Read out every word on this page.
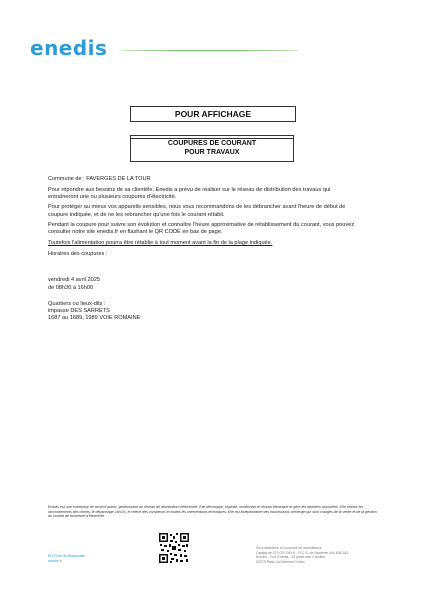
enedis
POUR AFFICHAGE
COUPURES DE COURANT
POUR TRAVAUX

Commune de : FAVERGES DE LA TOUR

Pour répondre aux besoins de sa clientèle, Enedis a prévu de réaliser sur le réseau de distribution des travaux qui entraîneront une ou plusieurs coupures d'électricité.

Pour protéger au mieux vos appareils sensibles, nous vous recommandons de les débrancher avant l'heure de début de coupure indiquée, et de ne les rebrancher qu'une fois le courant rétabli.

Pendant la coupure pour suivre son évolution et connaître l'heure approximative de rétablissement du courant, vous pouvez consulter notre site enedis.fr en flashant le QR CODE en bas de page.

Toutefois l'alimentation pourra être rétablie à tout moment avant la fin de la plage indiquée.

Horaires des coupures :

vendredi 4 avril 2025

de 08h30 à 16h00

Quartiers ou lieux-dits :

impasse DES SARRETS

1687 au 1689, 1989 VOIE ROMAINE

Enedis est une entreprise de service public, gestionnaire du réseau de distribution d'électricité. Elle développe, exploite, modernise le réseau électrique et gère les données associées. Elle réalise les raccordements des clients, le dépannage 24h/24, le relevé des compteurs et toutes les interventions techniques. Elle est indépendante des fournisseurs d'énergie qui sont chargés de la vente et de la gestion du contrat de fourniture d'électricité.
EO Pont de Beauvoisin
enedis.fr
SA à directoire et à conseil de surveillance
Capital de 270 037 000 € - R.C.S. de Nanterre 444 608 442
Enedis - Tour Enedis - 34 place des Corolles
92079 Paris La Défense Cedex
